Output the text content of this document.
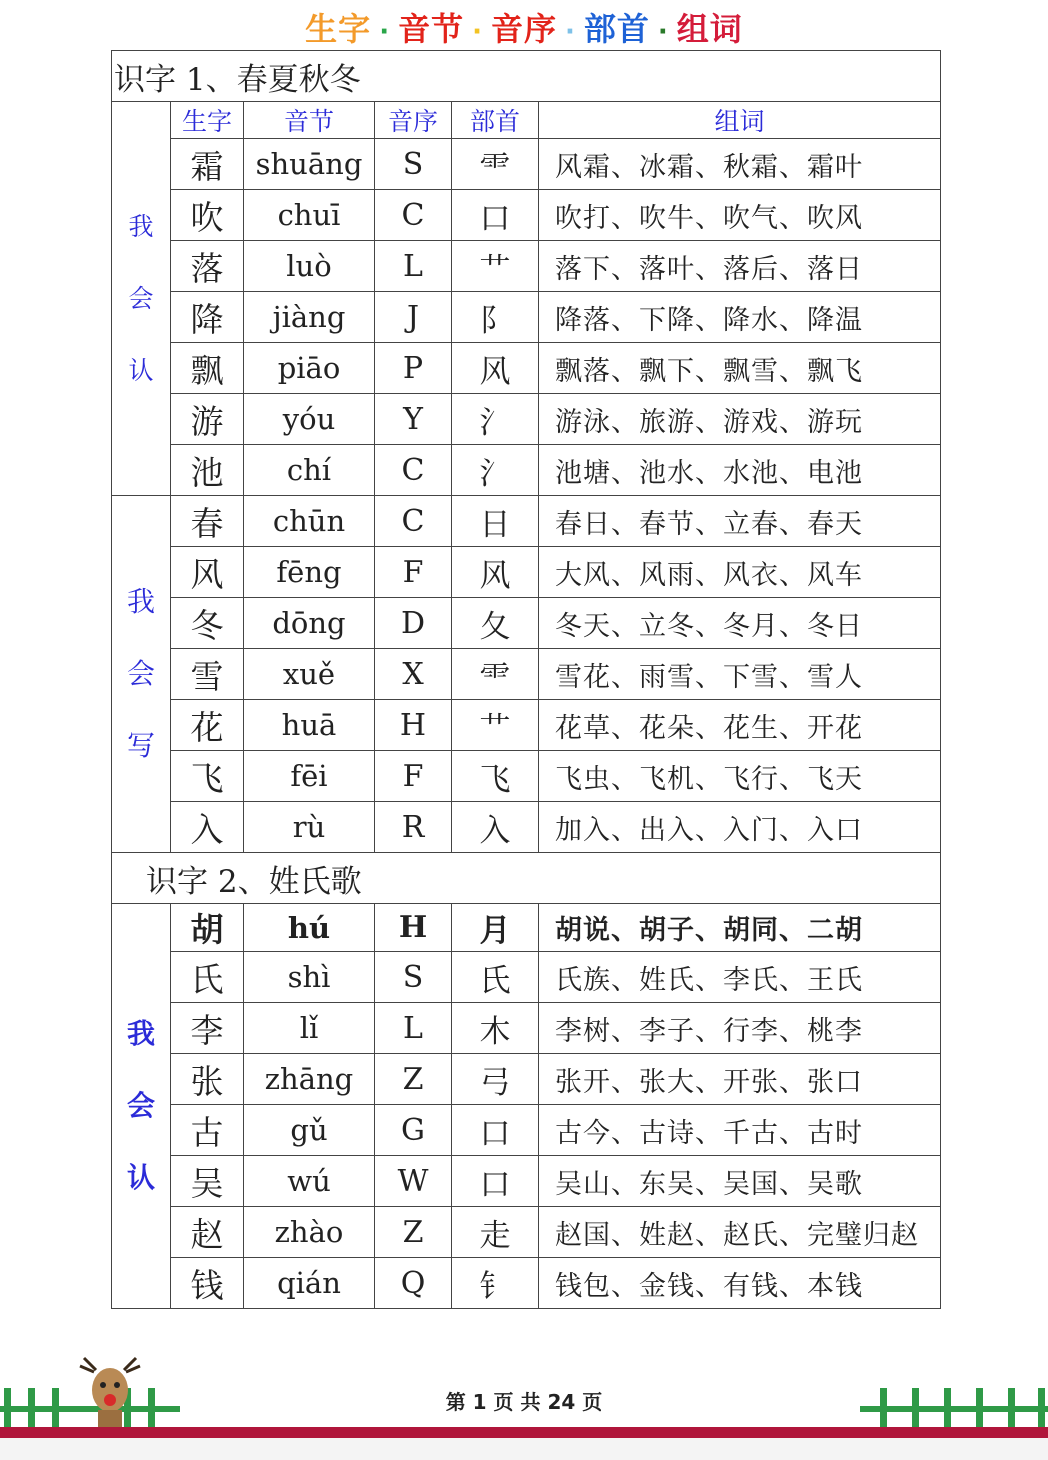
生字 · 音节 · 音序 · 部首 · 组词
识字 1、春夏秋冬					
我
会
认	生字	音节	音序	部首	组词
	霜	shuāng	S	⻗	风霜、冰霜、秋霜、霜叶
	吹	chuī	C	口	吹打、吹牛、吹气、吹风
	落	luò	L	艹	落下、落叶、落后、落日
	降	jiàng	J	阝	降落、下降、降水、降温
	飘	piāo	P	风	飘落、飘下、飘雪、飘飞
	游	yóu	Y	氵	游泳、旅游、游戏、游玩
	池	chí	C	氵	池塘、池水、水池、电池
我
会
写	春	chūn	C	日	春日、春节、立春、春天
	风	fēng	F	风	大风、风雨、风衣、风车
	冬	dōng	D	夂	冬天、立冬、冬月、冬日
	雪	xuě	X	⻗	雪花、雨雪、下雪、雪人
	花	huā	H	艹	花草、花朵、花生、开花
	飞	fēi	F	飞	飞虫、飞机、飞行、飞天
	入	rù	R	入	加入、出入、入门、入口
识字 2、姓氏歌					
我
会
认	胡	hú	H	月	胡说、胡子、胡同、二胡
	氏	shì	S	氏	氏族、姓氏、李氏、王氏
	李	lǐ	L	木	李树、李子、行李、桃李
	张	zhāng	Z	弓	张开、张大、开张、张口
	古	gǔ	G	口	古今、古诗、千古、古时
	吴	wú	W	口	吴山、东吴、吴国、吴歌
	赵	zhào	Z	走	赵国、姓赵、赵氏、完璧归赵
	钱	qián	Q	钅	钱包、金钱、有钱、本钱
第 1 页 共 24 页
